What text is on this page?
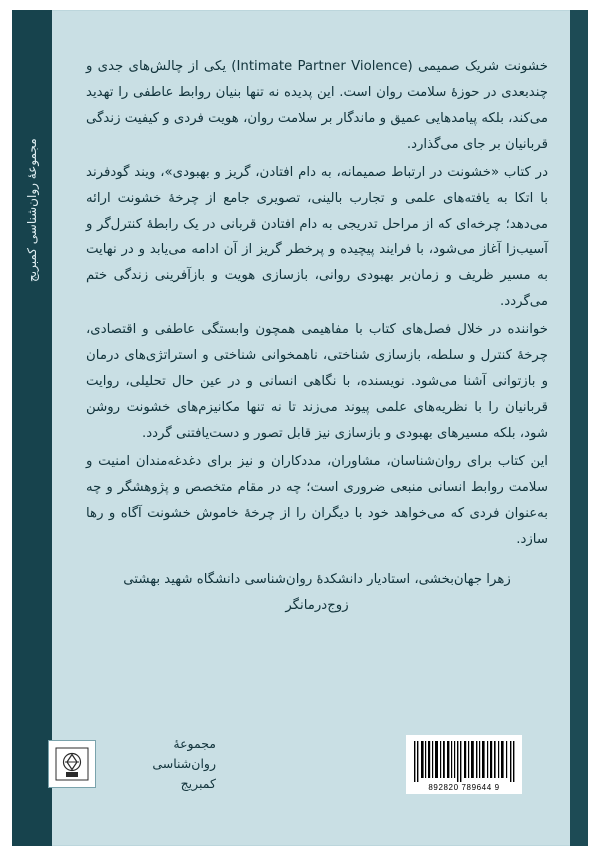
مجموعهٔ روان‌شناسی کمبریج

خشونت شریک صمیمی (Intimate Partner Violence) یکی از چالش‌های جدی و چندبعدی در حوزهٔ سلامت روان است. این پدیده نه تنها بنیان روابط عاطفی را تهدید می‌کند، بلکه پیامدهایی عمیق و ماندگار بر سلامت روان، هویت فردی و کیفیت زندگی قربانیان بر جای می‌گذارد.

در کتاب «خشونت در ارتباط صمیمانه، به دام افتادن، گریز و بهبودی»، ویند گودفرند با اتکا به یافته‌های علمی و تجارب بالینی، تصویری جامع از چرخهٔ خشونت ارائه می‌دهد؛ چرخه‌ای که از مراحل تدریجی به دام افتادن قربانی در یک رابطهٔ کنترل‌گر و آسیب‌زا آغاز می‌شود، با فرایند پیچیده و پرخطر گریز از آن ادامه می‌یابد و در نهایت به مسیر ظریف و زمان‌بر بهبودی روانی، بازسازی هویت و بازآفرینی زندگی ختم می‌گردد.

خواننده در خلال فصل‌های کتاب با مفاهیمی همچون وابستگی عاطفی و اقتصادی، چرخهٔ کنترل و سلطه، بازسازی شناختی، ناهمخوانی شناختی و استراتژی‌های درمان و بازتوانی آشنا می‌شود. نویسنده، با نگاهی انسانی و در عین حال تحلیلی، روایت قربانیان را با نظریه‌های علمی پیوند می‌زند تا نه تنها مکانیزم‌های خشونت روشن شود، بلکه مسیرهای بهبودی و بازسازی نیز قابل تصور و دست‌یافتنی گردد.

این کتاب برای روان‌شناسان، مشاوران، مددکاران و نیز برای دغدغه‌مندان امنیت و سلامت روابط انسانی منبعی ضروری است؛ چه در مقام متخصص و پژوهشگر و چه به‌عنوان فردی که می‌خواهد خود با دیگران را از چرخهٔ خاموش خشونت آگاه و رها سازد.

زهرا جهان‌بخشی، استادیار دانشکدهٔ روان‌شناسی دانشگاه شهید بهشتی
زوج‌درمانگر
مجموعهٔ روان‌شناسی
کمبریج	9 789644 892820
